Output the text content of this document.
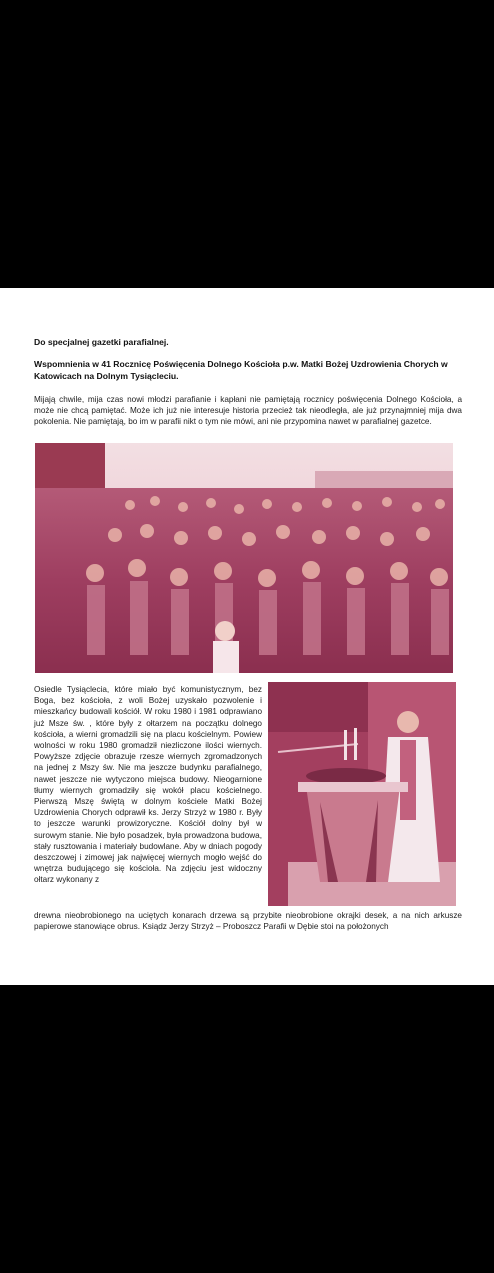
Do specjalnej gazetki parafialnej.

Wspomnienia w 41 Rocznicę Poświęcenia Dolnego Kościoła p.w. Matki Bożej Uzdrowienia Chorych w Katowicach na Dolnym Tysiącleciu.

Mijają chwile, mija czas nowi młodzi parafianie i kapłani nie pamiętają rocznicy poświęcenia Dolnego Kościoła, a może nie chcą pamiętać. Może ich już nie interesuje historia przecież tak nieodległa, ale już przynajmniej mija dwa pokolenia. Nie pamiętają, bo im w parafii nikt o tym nie mówi, ani nie przypomina nawet w parafialnej gazetce.

Osiedle Tysiąclecia, które miało być komunistycznym, bez Boga, bez kościoła, z woli Bożej uzyskało pozwolenie i mieszkańcy budowali kościół. W roku 1980 i 1981 odprawiano już Msze św. , które były z ołtarzem na początku dolnego kościoła, a wierni gromadzili się na placu kościelnym. Powiew wolności w roku 1980 gromadził niezliczone ilości wiernych. Powyższe zdjęcie obrazuje rzesze wiernych zgromadzonych na jednej z Mszy św. Nie ma jeszcze budynku parafialnego, nawet jeszcze nie wytyczono miejsca budowy. Nieogarnione tłumy wiernych gromadziły się wokół placu kościelnego. Pierwszą Mszę świętą w dolnym kościele Matki Bożej Uzdrowienia Chorych odprawił ks. Jerzy Strzyż w 1980 r. Były to jeszcze warunki prowizoryczne. Kościół dolny był w surowym stanie. Nie było posadzek, była prowadzona budowa, stały rusztowania i materiały budowlane. Aby w dniach pogody deszczowej i zimowej jak najwięcej wiernych mogło wejść do wnętrza budującego się kościoła. Na zdjęciu jest widoczny ołtarz wykonany z

drewna nieobrobionego na uciętych konarach drzewa są przybite nieobrobione okrajki desek, a na nich arkusze papierowe stanowiące obrus. Ksiądz Jerzy Strzyż – Proboszcz Parafii w Dębie stoi na położonych
